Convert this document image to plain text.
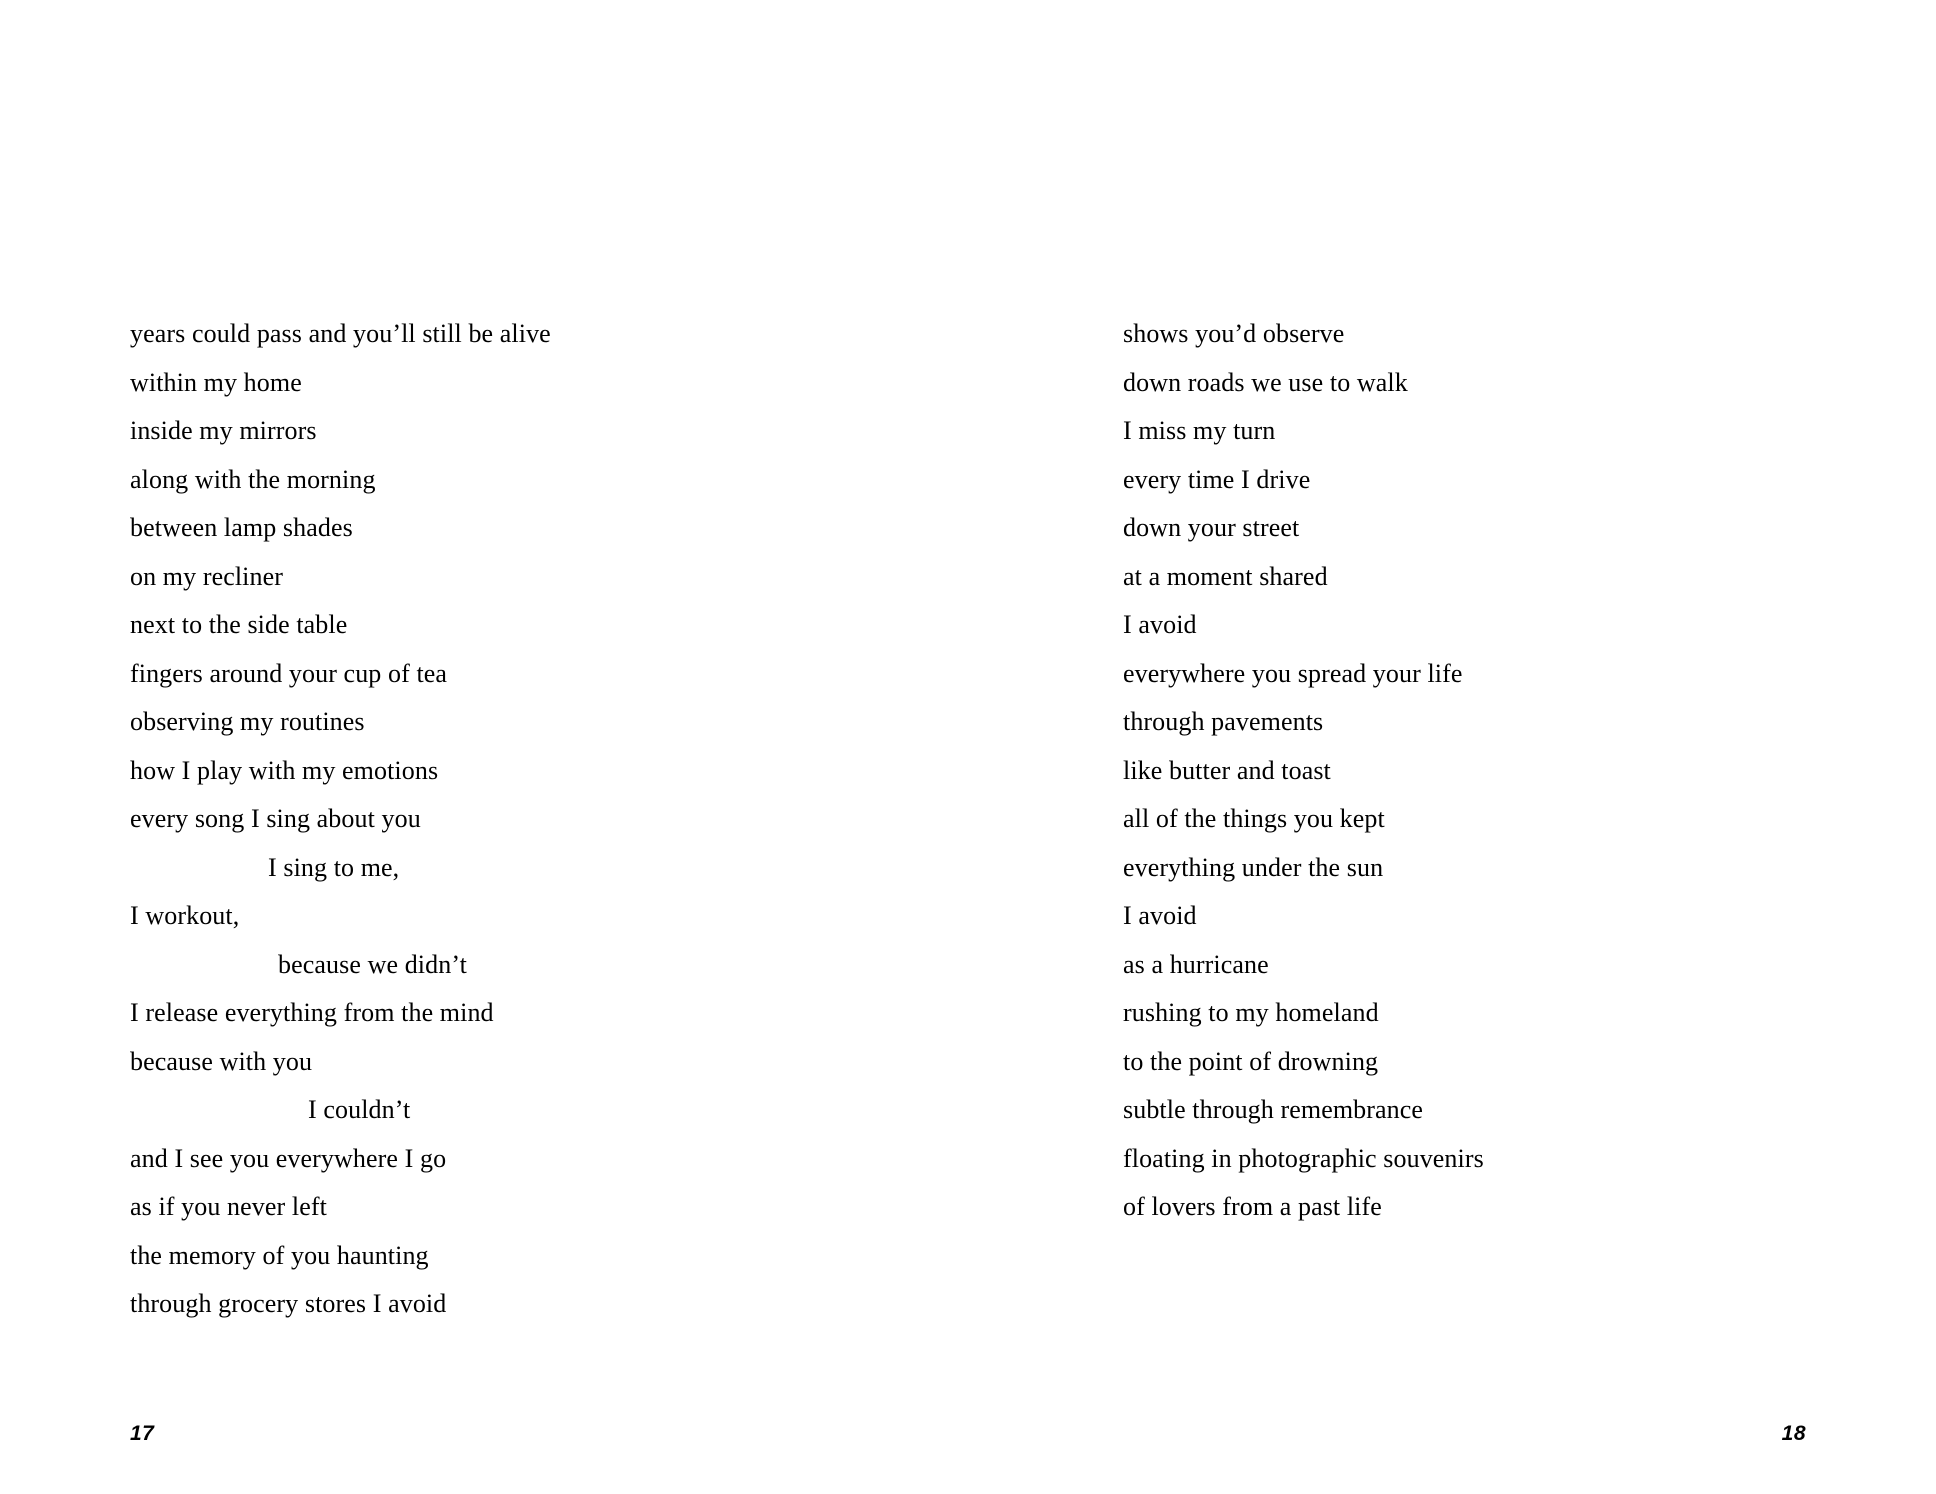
years could pass and you’ll still be alive
within my home
inside my mirrors
along with the morning
between lamp shades
on my recliner
next to the side table
fingers around your cup of tea
observing my routines
how I play with my emotions
every song I sing about you
I sing to me,
I workout,
because we didn’t
I release everything from the mind
because with you
I couldn’t
and I see you everywhere I go
as if you never left
the memory of you haunting
through grocery stores I avoid
17
shows you’d observe
down roads we use to walk
I miss my turn
every time I drive
down your street
at a moment shared
I avoid
everywhere you spread your life
through pavements
like butter and toast
all of the things you kept
everything under the sun
I avoid
as a hurricane
rushing to my homeland
to the point of drowning
subtle through remembrance
floating in photographic souvenirs
of lovers from a past life
18
